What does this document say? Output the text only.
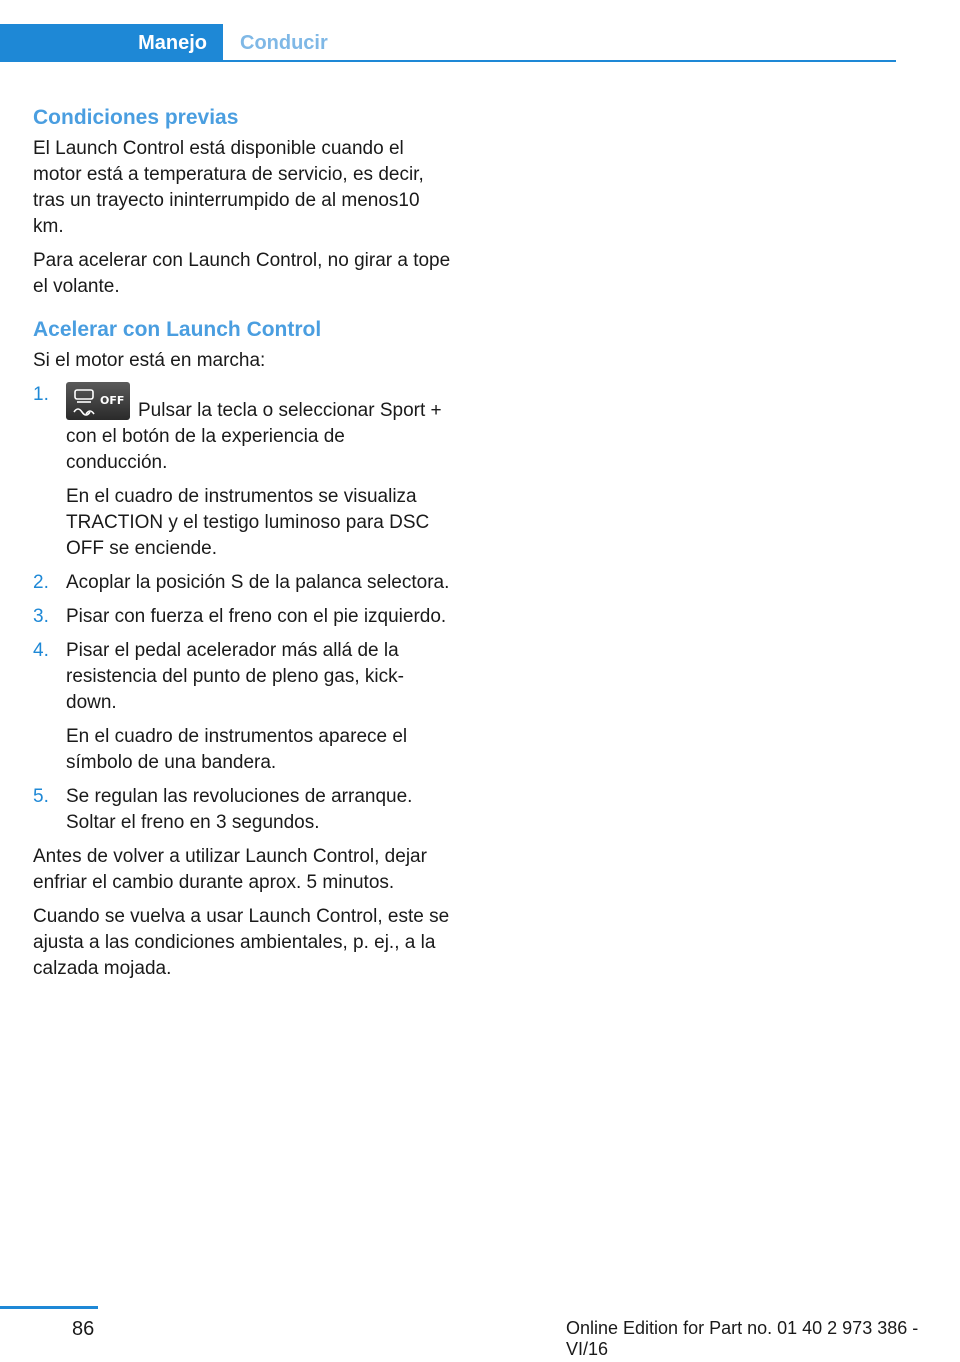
Manejo Conducir
Condiciones previas

El Launch Control está disponible cuando el motor está a temperatura de servicio, es decir, tras un trayecto ininterrumpido de al menos10 km.

Para acelerar con Launch Control, no girar a tope el volante.

Acelerar con Launch Control

Si el motor está en marcha:

1.	OFF Pulsar la tecla o seleccionar Sport + con el botón de la experiencia de conducción.

En el cuadro de instrumentos se visualiza TRACTION y el testigo luminoso para DSC OFF se enciende.

2. Acoplar la posición S de la palanca selectora.

3. Pisar con fuerza el freno con el pie izquierdo.

4. Pisar el pedal acelerador más allá de la resistencia del punto de pleno gas, kick-down.

En el cuadro de instrumentos aparece el símbolo de una bandera.

5. Se regulan las revoluciones de arranque. Soltar el freno en 3 segundos.

Antes de volver a utilizar Launch Control, dejar enfriar el cambio durante aprox. 5 minutos.

Cuando se vuelva a usar Launch Control, este se ajusta a las condiciones ambientales, p. ej., a la calzada mojada.

86	Online Edition for Part no. 01 40 2 973 386 - VI/16
